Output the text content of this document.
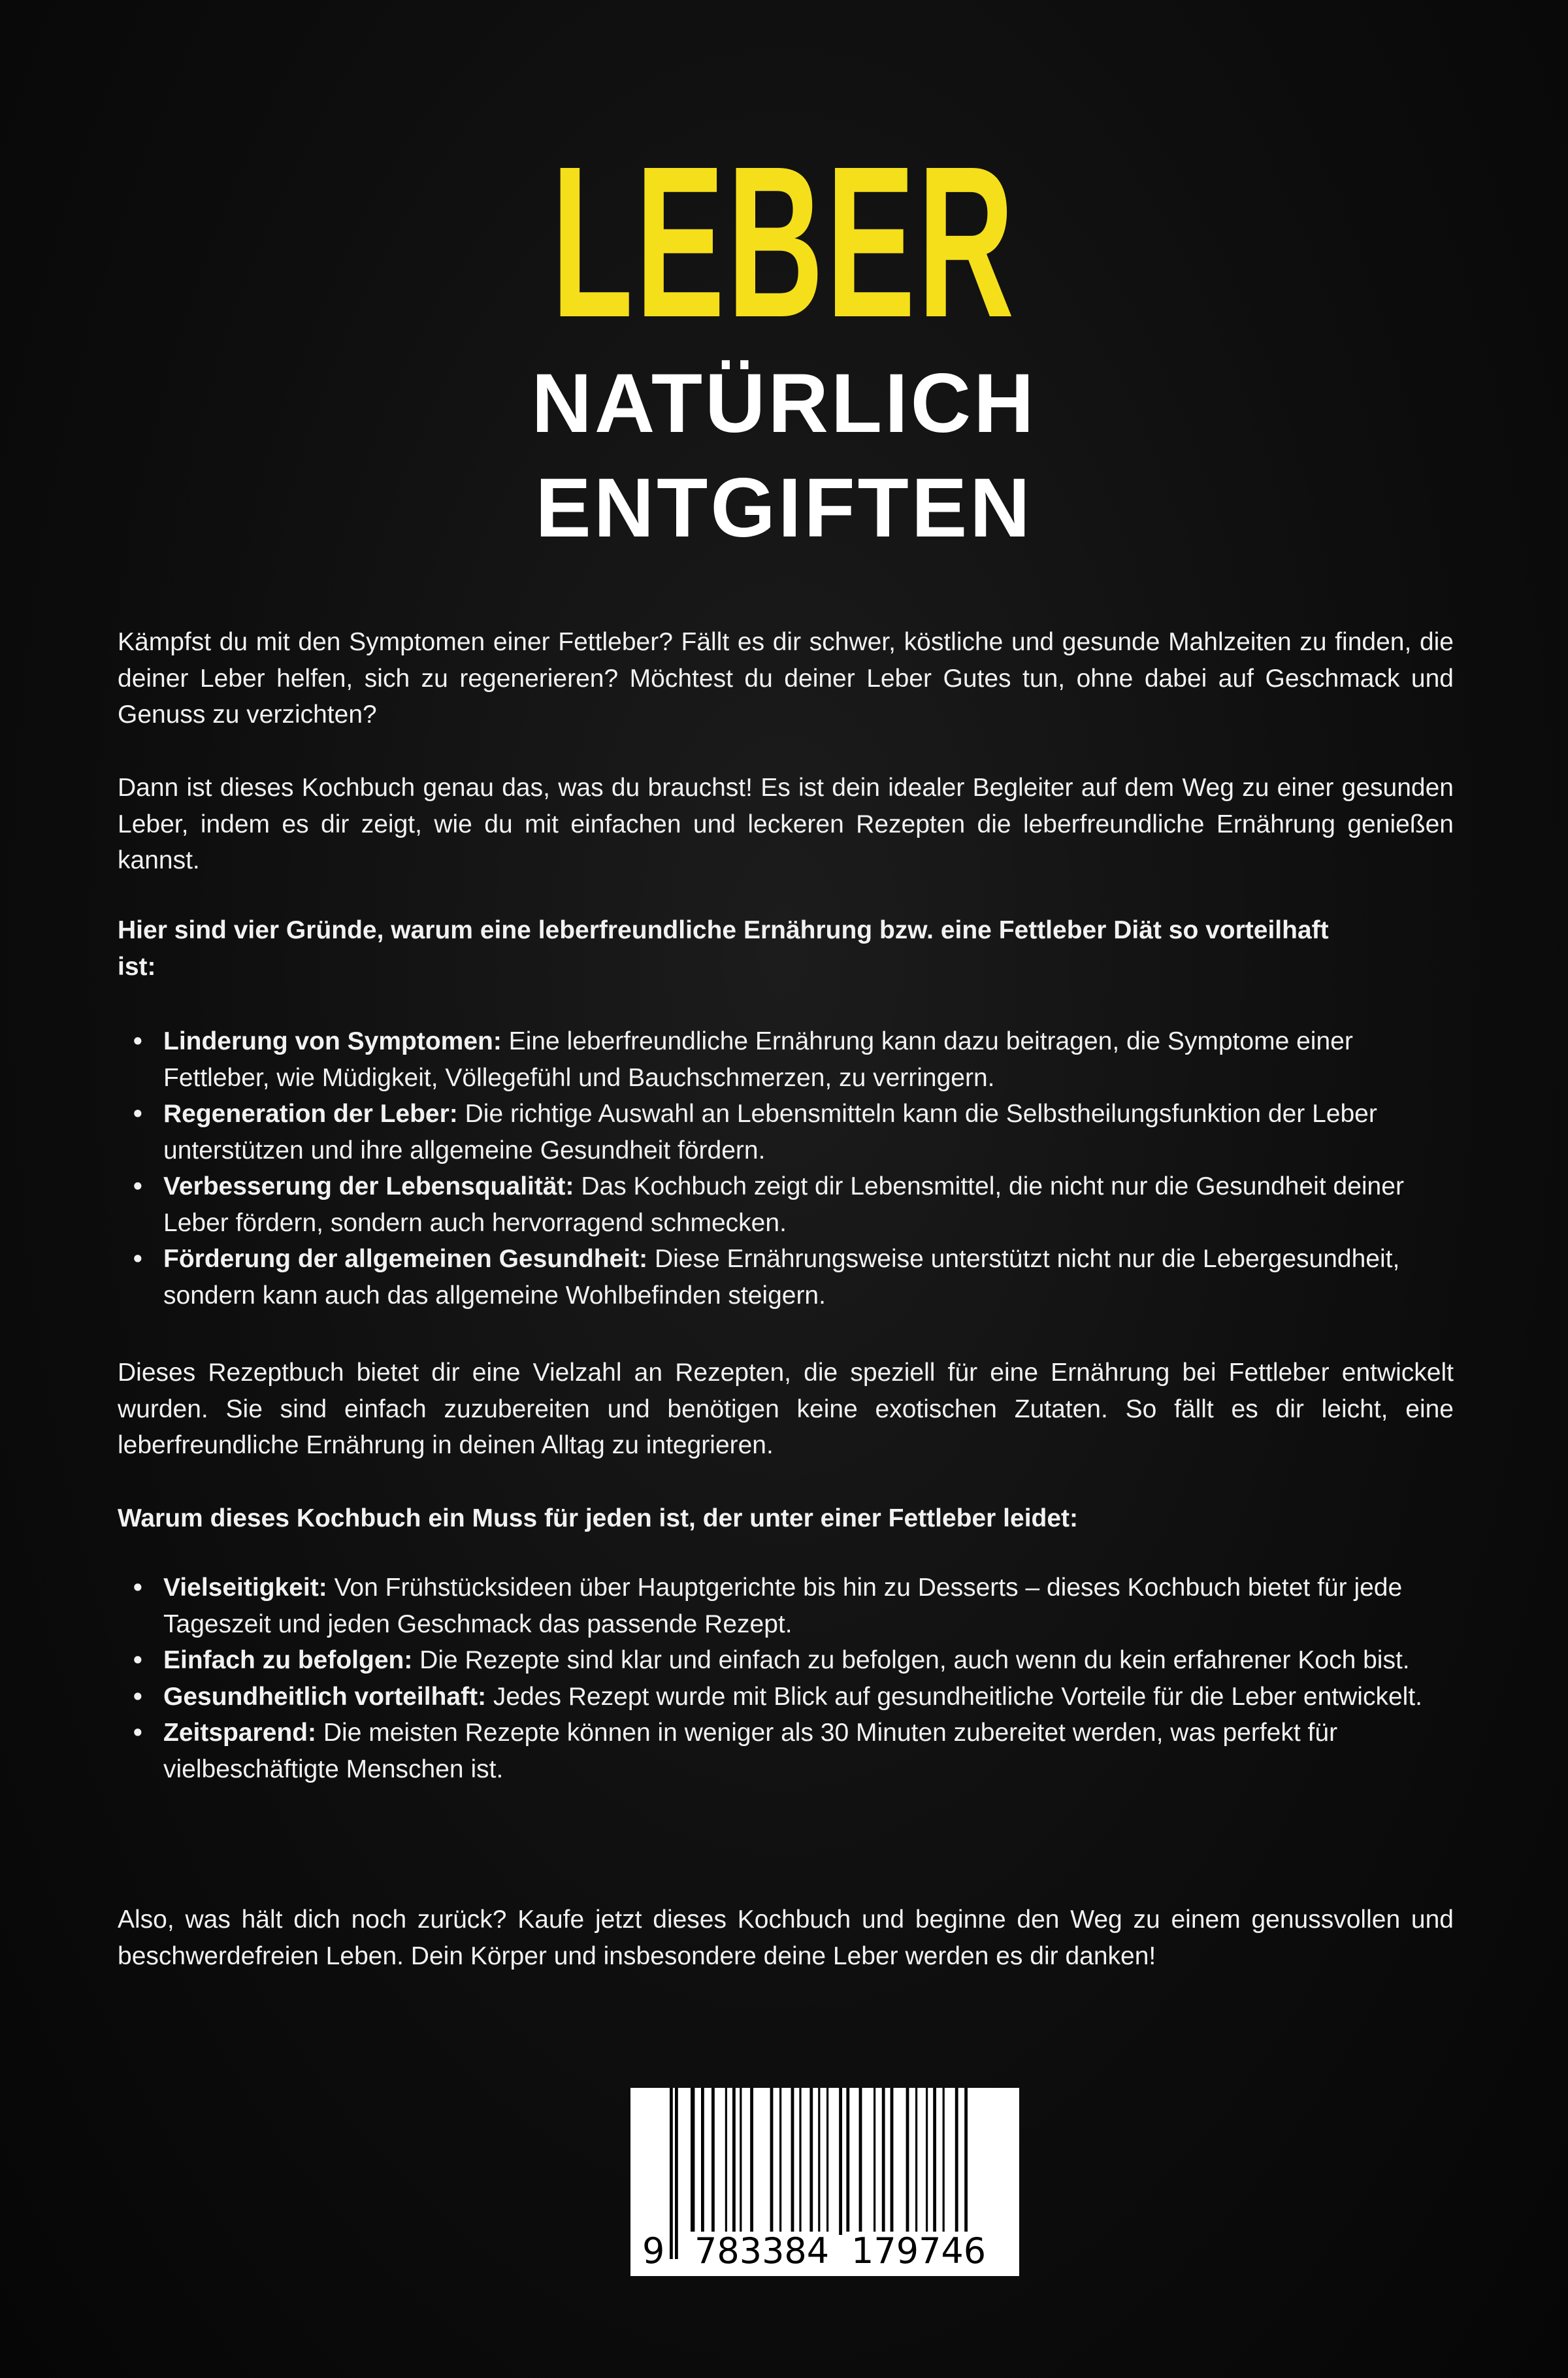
LEBER
NATÜRLICH
ENTGIFTEN

Kämpfst du mit den Symptomen einer Fettleber? Fällt es dir schwer, köstliche und gesunde Mahlzeiten zu finden, die deiner Leber helfen, sich zu regenerieren? Möchtest du deiner Leber Gutes tun, ohne dabei auf Geschmack und Genuss zu verzichten?

Dann ist dieses Kochbuch genau das, was du brauchst! Es ist dein idealer Begleiter auf dem Weg zu einer gesunden Leber, indem es dir zeigt, wie du mit einfachen und leckeren Rezepten die leberfreundliche Ernährung genießen kannst.

Hier sind vier Gründe, warum eine leberfreundliche Ernährung bzw. eine Fettleber Diät so vorteilhaft ist:

• Linderung von Symptomen: Eine leberfreundliche Ernährung kann dazu beitragen, die Symptome einer Fettleber, wie Müdigkeit, Völlegefühl und Bauchschmerzen, zu verringern.
• Regeneration der Leber: Die richtige Auswahl an Lebensmitteln kann die Selbstheilungsfunktion der Leber unterstützen und ihre allgemeine Gesundheit fördern.
• Verbesserung der Lebensqualität: Das Kochbuch zeigt dir Lebensmittel, die nicht nur die Gesundheit deiner Leber fördern, sondern auch hervorragend schmecken.
• Förderung der allgemeinen Gesundheit: Diese Ernährungsweise unterstützt nicht nur die Lebergesundheit, sondern kann auch das allgemeine Wohlbefinden steigern.

Dieses Rezeptbuch bietet dir eine Vielzahl an Rezepten, die speziell für eine Ernährung bei Fettleber entwickelt wurden. Sie sind einfach zuzubereiten und benötigen keine exotischen Zutaten. So fällt es dir leicht, eine leberfreundliche Ernährung in deinen Alltag zu integrieren.

Warum dieses Kochbuch ein Muss für jeden ist, der unter einer Fettleber leidet:

• Vielseitigkeit: Von Frühstücksideen über Hauptgerichte bis hin zu Desserts – dieses Kochbuch bietet für jede Tageszeit und jeden Geschmack das passende Rezept.
• Einfach zu befolgen: Die Rezepte sind klar und einfach zu befolgen, auch wenn du kein erfahrener Koch bist.
• Gesundheitlich vorteilhaft: Jedes Rezept wurde mit Blick auf gesundheitliche Vorteile für die Leber entwickelt.
• Zeitsparend: Die meisten Rezepte können in weniger als 30 Minuten zubereitet werden, was perfekt für vielbeschäftigte Menschen ist.

Also, was hält dich noch zurück? Kaufe jetzt dieses Kochbuch und beginne den Weg zu einem genussvollen und beschwerdefreien Leben. Dein Körper und insbesondere deine Leber werden es dir danken!

9 783384 179746
